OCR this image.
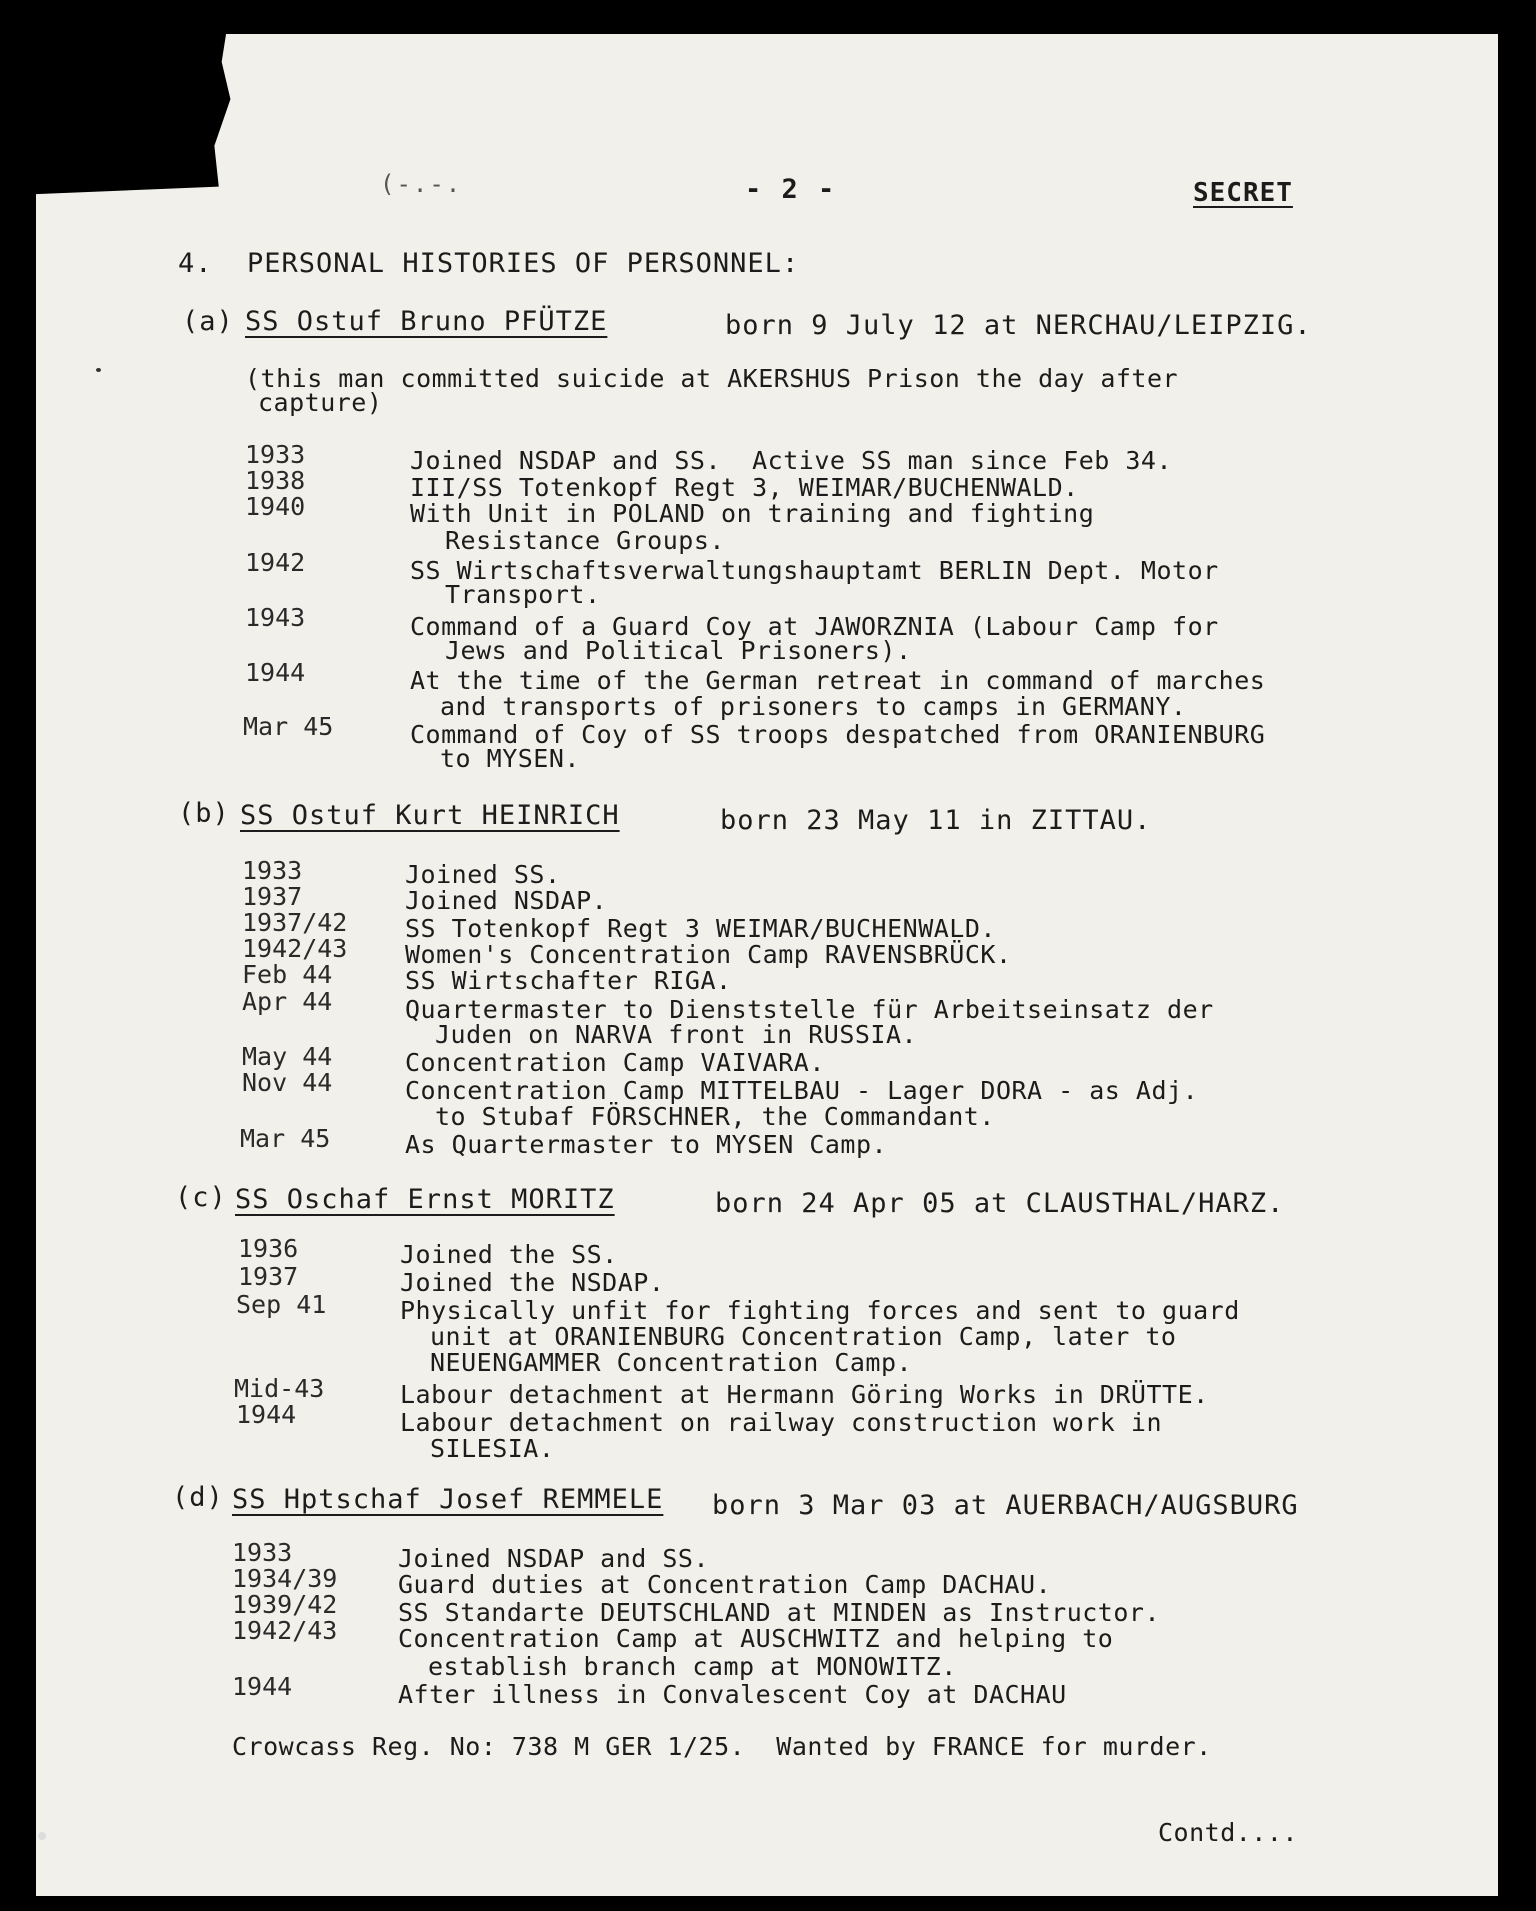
(-.-.	- 2 -	SECRET
4.  PERSONAL HISTORIES OF PERSONNEL:
(a) SS Ostuf Bruno PFÜTZE	born 9 July 12 at NERCHAU/LEIPZIG.
(this man committed suicide at AKERSHUS Prison the day after
capture)
1933	Joined NSDAP and SS.  Active SS man since Feb 34.
1938	III/SS Totenkopf Regt 3, WEIMAR/BUCHENWALD.
1940	With Unit in POLAND on training and fighting
Resistance Groups.
1942	SS Wirtschaftsverwaltungshauptamt BERLIN Dept. Motor
Transport.
1943	Command of a Guard Coy at JAWORZNIA (Labour Camp for
Jews and Political Prisoners).
1944	At the time of the German retreat in command of marches
and transports of prisoners to camps in GERMANY.
Mar 45	Command of Coy of SS troops despatched from ORANIENBURG
to MYSEN.
(b) SS Ostuf Kurt HEINRICH	born 23 May 11 in ZITTAU.
1933	Joined SS.
1937	Joined NSDAP.
1937/42 SS Totenkopf Regt 3 WEIMAR/BUCHENWALD.
1942/43 Women's Concentration Camp RAVENSBRÜCK.
Feb 44	SS Wirtschafter RIGA.
Apr 44	Quartermaster to Dienststelle für Arbeitseinsatz der
Juden on NARVA front in RUSSIA.
May 44	Concentration Camp VAIVARA.
Nov 44	Concentration Camp MITTELBAU - Lager DORA - as Adj.
to Stubaf FÖRSCHNER, the Commandant.
Mar 45	As Quartermaster to MYSEN Camp.
(c) SS Oschaf Ernst MORITZ	born 24 Apr 05 at CLAUSTHAL/HARZ.
1936	Joined the SS.
1937	Joined the NSDAP.
Sep 41	Physically unfit for fighting forces and sent to guard
unit at ORANIENBURG Concentration Camp, later to
NEUENGAMMER Concentration Camp.
Mid-43	Labour detachment at Hermann Göring Works in DRÜTTE.
1944	Labour detachment on railway construction work in
SILESIA.
(d) SS Hptschaf Josef REMMELE born 3 Mar 03 at AUERBACH/AUGSBURG
1933	Joined NSDAP and SS.
1934/39 Guard duties at Concentration Camp DACHAU.
1939/42 SS Standarte DEUTSCHLAND at MINDEN as Instructor.
1942/43 Concentration Camp at AUSCHWITZ and helping to
establish branch camp at MONOWITZ.
1944	After illness in Convalescent Coy at DACHAU
Crowcass Reg. No: 738 M GER 1/25.  Wanted by FRANCE for murder.
Contd....
